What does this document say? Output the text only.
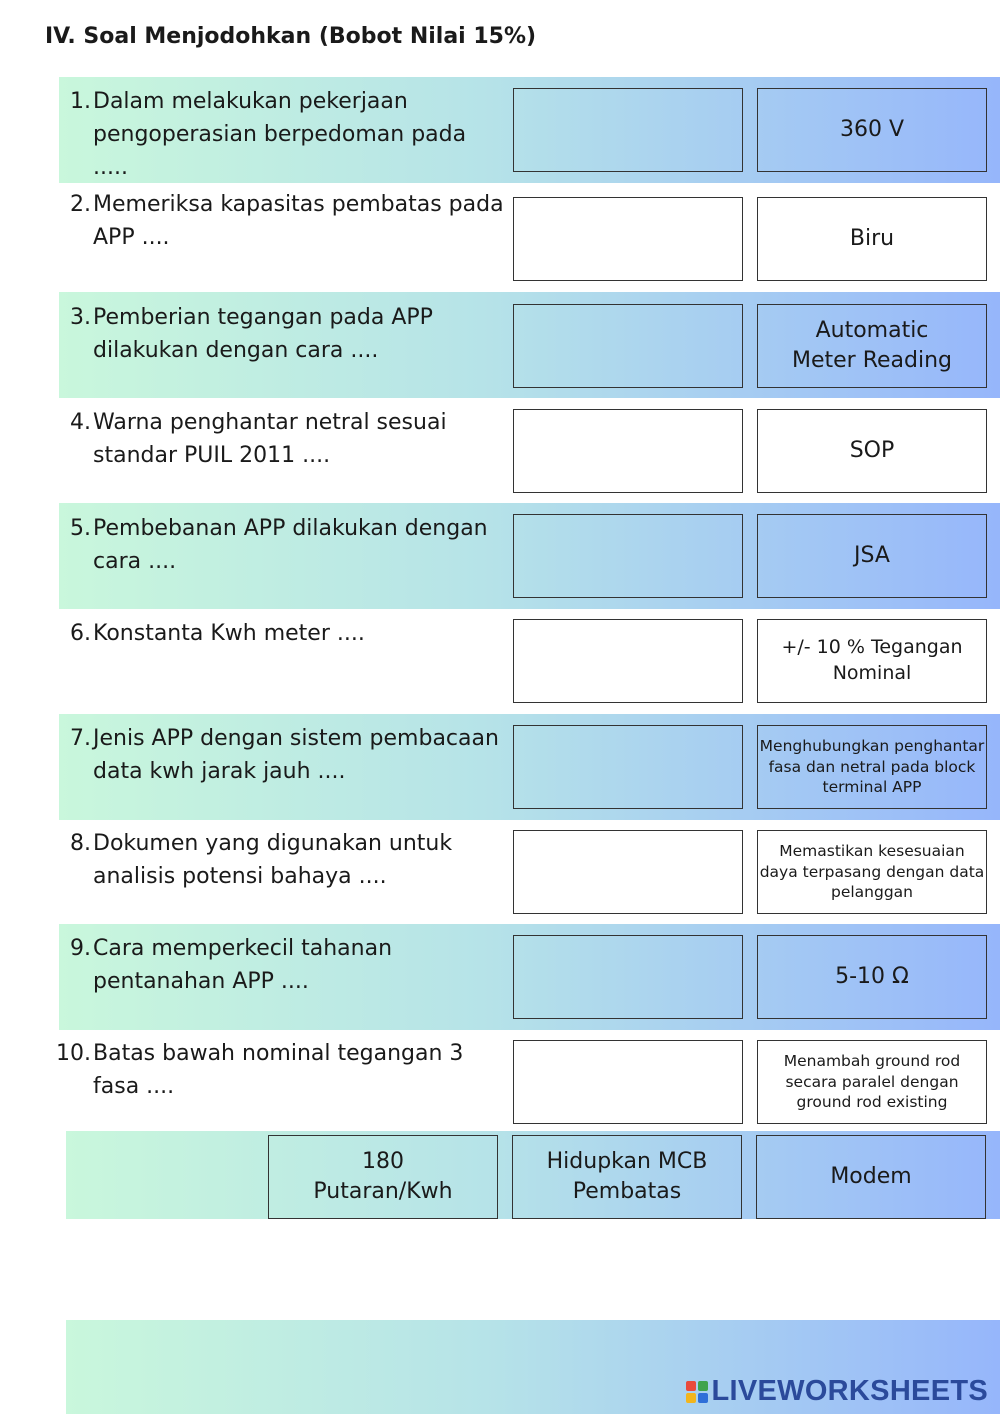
IV. Soal Menjodohkan (Bobot Nilai 15%)
1. Dalam melakukan pekerjaan pengoperasian berpedoman pada .....
2. Memeriksa kapasitas pembatas pada APP ....
3. Pemberian tegangan pada APP dilakukan dengan cara ....
4. Warna penghantar netral sesuai standar PUIL 2011 ....
5. Pembebanan APP dilakukan dengan cara ....
6. Konstanta Kwh meter ....
7. Jenis APP dengan sistem pembacaan data kwh jarak jauh ....
8. Dokumen yang digunakan untuk analisis potensi bahaya ....
9. Cara memperkecil tahanan pentanahan APP ....
10. Batas bawah nominal tegangan 3 fasa ....
360 V
Biru
Automatic Meter Reading
SOP
JSA
+/- 10 % Tegangan Nominal
Menghubungkan penghantar fasa dan netral pada block terminal APP
Memastikan kesesuaian daya terpasang dengan data pelanggan
5-10 Ω
Menambah ground rod secara paralel dengan ground rod existing
180 Putaran/Kwh
Hidupkan MCB Pembatas
Modem
LIVEWORKSHEETS
